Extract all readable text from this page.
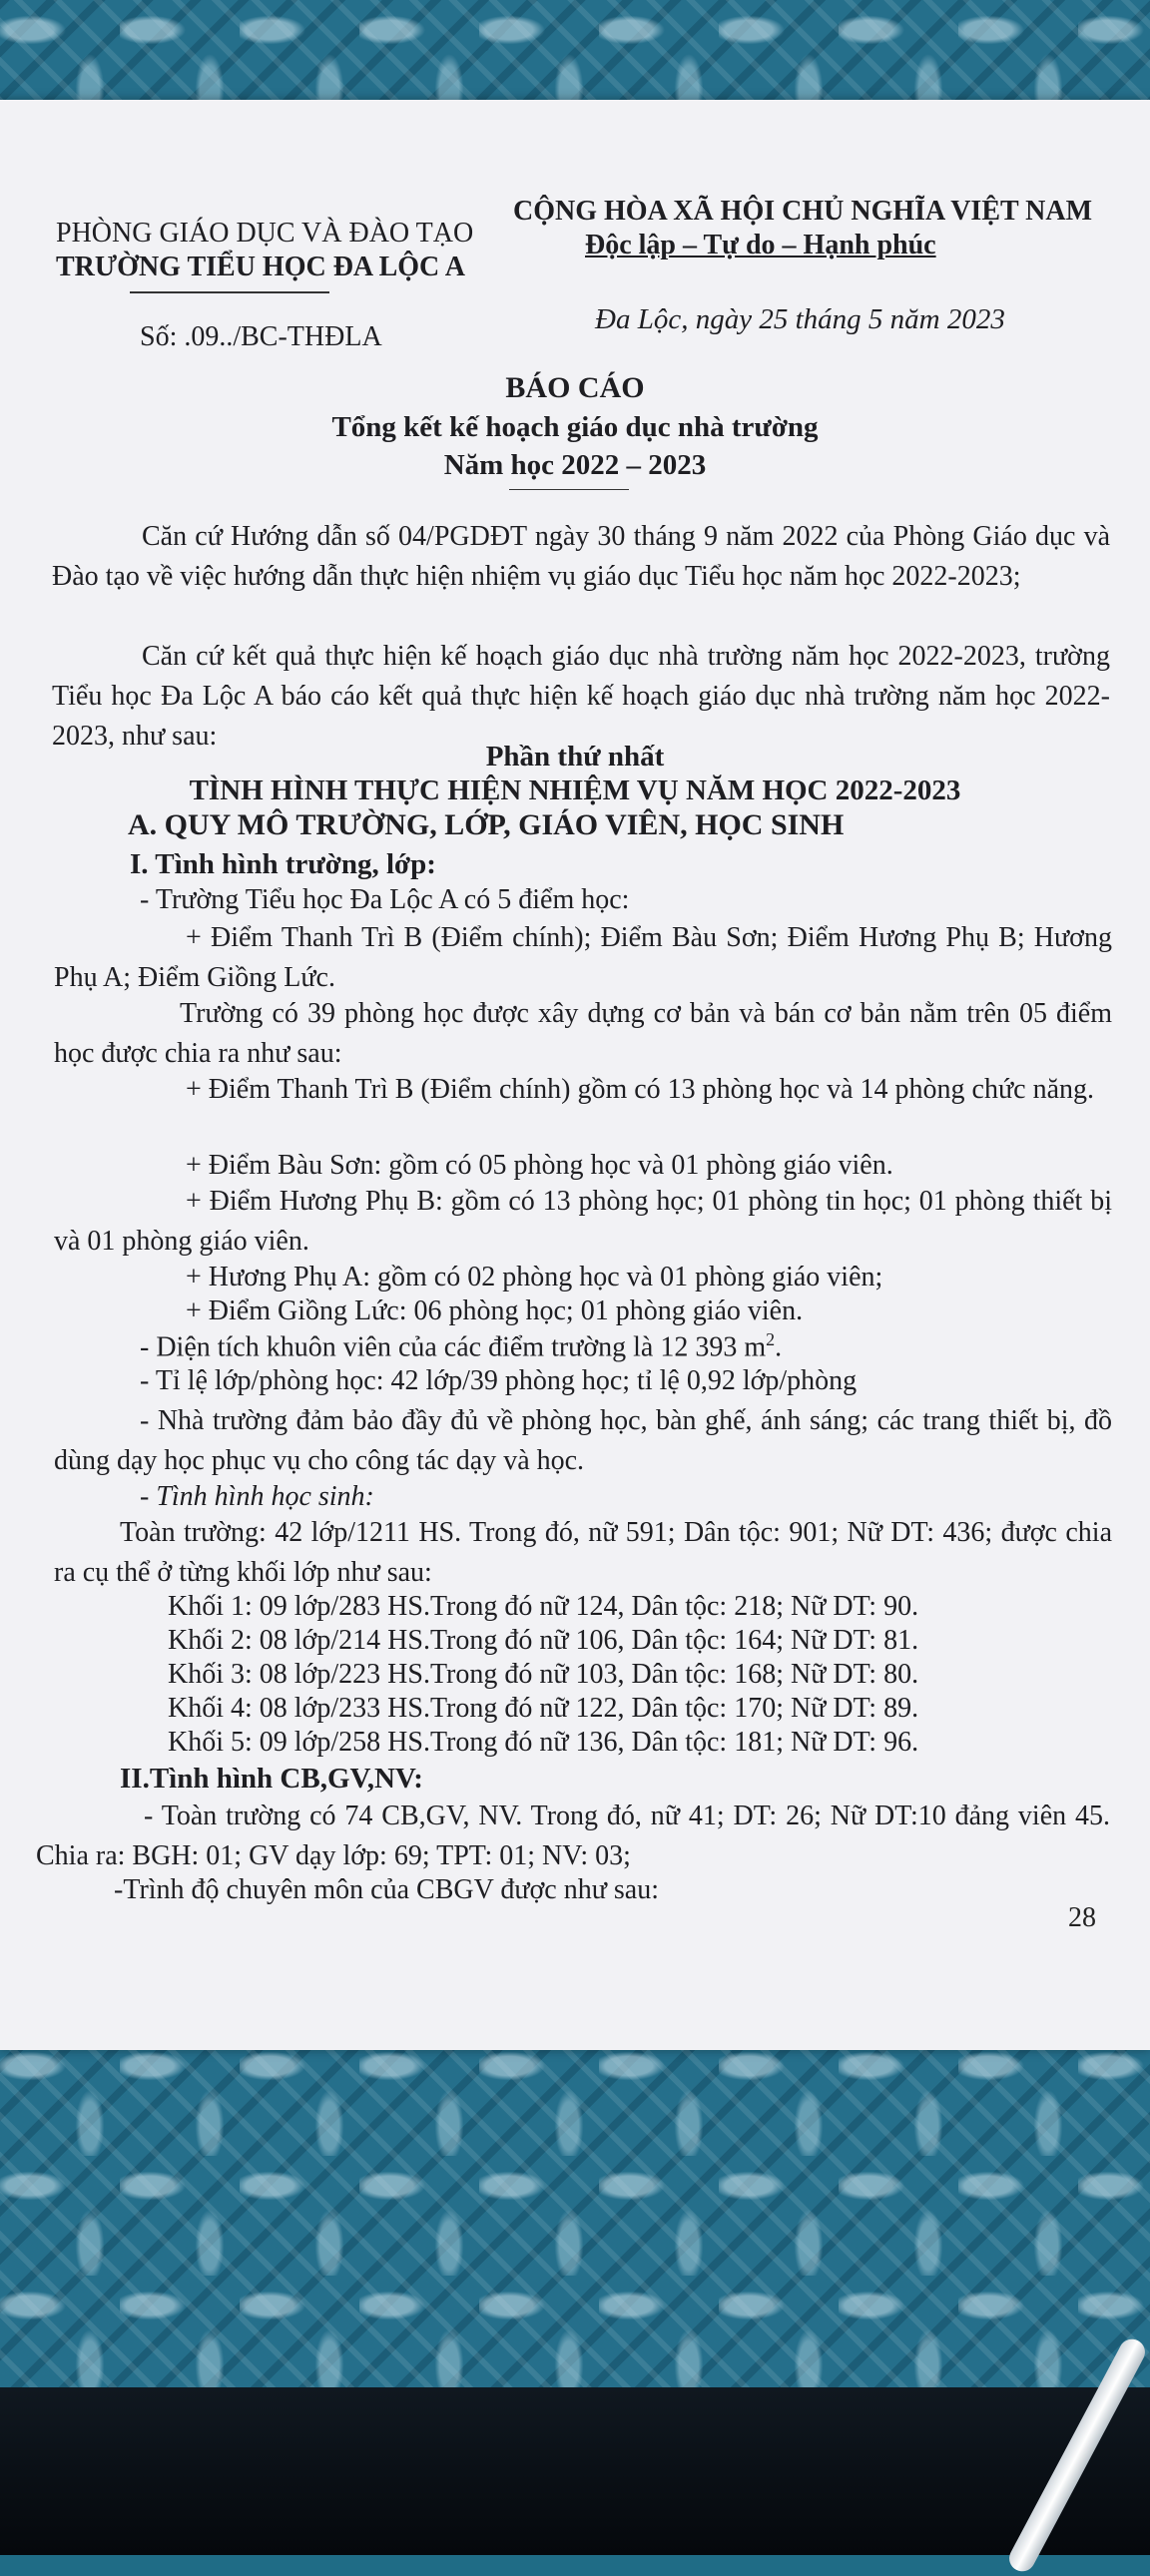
PHÒNG GIÁO DỤC VÀ ĐÀO TẠO
TRƯỜNG TIỂU HỌC ĐA LỘC A
CỘNG HÒA XÃ HỘI CHỦ NGHĨA VIỆT NAM
Độc lập – Tự do – Hạnh phúc
Số: .09../BC-THĐLA
Đa Lộc, ngày 25 tháng 5 năm 2023
BÁO CÁO
Tổng kết kế hoạch giáo dục nhà trường
Năm học 2022 – 2023
Căn cứ Hướng dẫn số 04/PGDĐT ngày 30 tháng 9 năm 2022 của Phòng Giáo dục và Đào tạo về việc hướng dẫn thực hiện nhiệm vụ giáo dục Tiểu học năm học 2022-2023;
Căn cứ kết quả thực hiện kế hoạch giáo dục nhà trường năm học 2022-2023, trường Tiểu học Đa Lộc A báo cáo kết quả thực hiện kế hoạch giáo dục nhà trường năm học 2022-2023, như sau:
Phần thứ nhất
TÌNH HÌNH THỰC HIỆN NHIỆM VỤ NĂM HỌC 2022-2023
A. QUY MÔ TRƯỜNG, LỚP, GIÁO VIÊN, HỌC SINH
I. Tình hình trường, lớp:
- Trường Tiểu học Đa Lộc A có 5 điểm học:
+ Điểm Thanh Trì B (Điểm chính); Điểm Bàu Sơn; Điểm Hương Phụ B; Hương Phụ A; Điểm Giồng Lức.
Trường có 39 phòng học được xây dựng cơ bản và bán cơ bản nằm trên 05 điểm học được chia ra như sau:
+ Điểm Thanh Trì B (Điểm chính) gồm có 13 phòng học và 14 phòng chức năng.
+ Điểm Bàu Sơn: gồm có 05 phòng học và 01 phòng giáo viên.
+ Điểm Hương Phụ B: gồm có 13 phòng học; 01 phòng tin học; 01 phòng thiết bị và 01 phòng giáo viên.
+ Hương Phụ A: gồm có 02 phòng học và 01 phòng giáo viên;
+ Điểm Giồng Lức: 06 phòng học; 01 phòng giáo viên.
- Diện tích khuôn viên của các điểm trường là 12 393 $m^2$.
- Tỉ lệ lớp/phòng học: 42 lớp/39 phòng học; tỉ lệ 0,92 lớp/phòng
- Nhà trường đảm bảo đầy đủ về phòng học, bàn ghế, ánh sáng; các trang thiết bị, đồ dùng dạy học phục vụ cho công tác dạy và học.
- Tình hình học sinh:
Toàn trường: 42 lớp/1211 HS. Trong đó, nữ 591; Dân tộc: 901; Nữ DT: 436; được chia ra cụ thể ở từng khối lớp như sau:
Khối 1: 09 lớp/283 HS.Trong đó nữ 124, Dân tộc: 218; Nữ DT: 90.
Khối 2: 08 lớp/214 HS.Trong đó nữ 106, Dân tộc: 164; Nữ DT: 81.
Khối 3: 08 lớp/223 HS.Trong đó nữ 103, Dân tộc: 168; Nữ DT: 80.
Khối 4: 08 lớp/233 HS.Trong đó nữ 122, Dân tộc: 170; Nữ DT: 89.
Khối 5: 09 lớp/258 HS.Trong đó nữ 136, Dân tộc: 181; Nữ DT: 96.
II.Tình hình CB,GV,NV:
- Toàn trường có 74 CB,GV, NV. Trong đó, nữ 41; DT: 26; Nữ DT:10 đảng viên 45. Chia ra: BGH: 01; GV dạy lớp: 69; TPT: 01; NV: 03;
-Trình độ chuyên môn của CBGV được như sau:
28
